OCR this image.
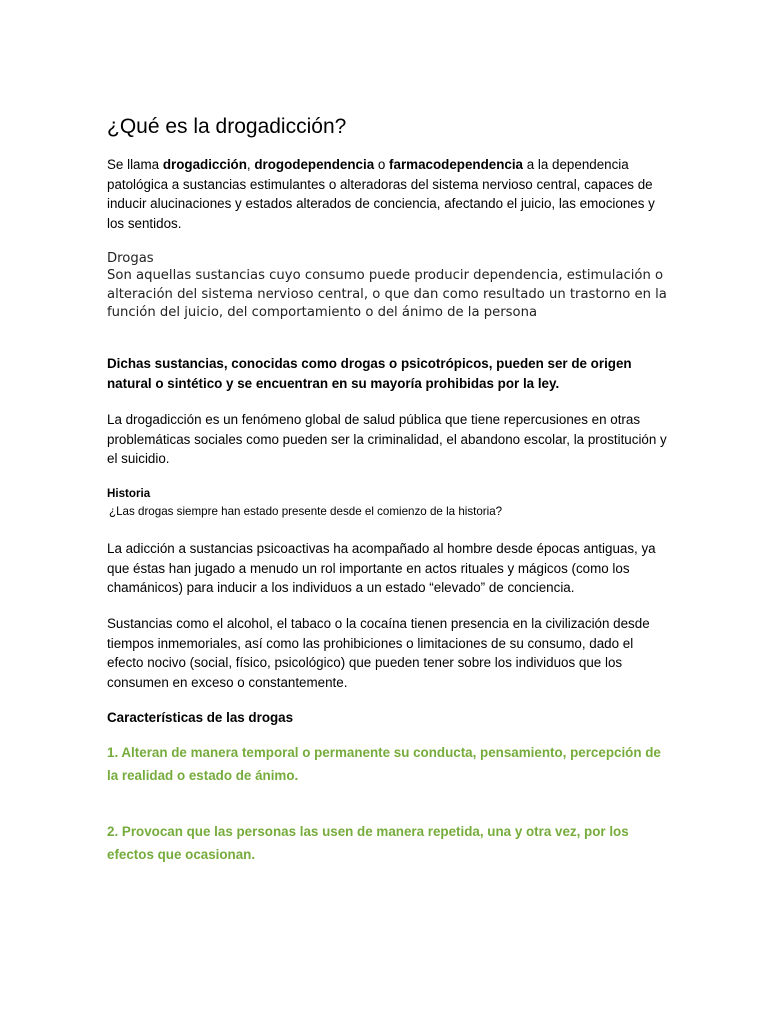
¿Qué es la drogadicción?

Se llama drogadicción, drogodependencia o farmacodependencia a la dependencia patológica a sustancias estimulantes o alteradoras del sistema nervioso central, capaces de inducir alucinaciones y estados alterados de conciencia, afectando el juicio, las emociones y los sentidos.

Drogas

Son aquellas sustancias cuyo consumo puede producir dependencia, estimulación o alteración del sistema nervioso central, o que dan como resultado un trastorno en la función del juicio, del comportamiento o del ánimo de la persona

Dichas sustancias, conocidas como drogas o psicotrópicos, pueden ser de origen natural o sintético y se encuentran en su mayoría prohibidas por la ley.

La drogadicción es un fenómeno global de salud pública que tiene repercusiones en otras problemáticas sociales como pueden ser la criminalidad, el abandono escolar, la prostitución y el suicidio.

Historia

¿Las drogas siempre han estado presente desde el comienzo de la historia?

La adicción a sustancias psicoactivas ha acompañado al hombre desde épocas antiguas, ya que éstas han jugado a menudo un rol importante en actos rituales y mágicos (como los chamánicos) para inducir a los individuos a un estado “elevado” de conciencia.

Sustancias como el alcohol, el tabaco o la cocaína tienen presencia en la civilización desde tiempos inmemoriales, así como las prohibiciones o limitaciones de su consumo, dado el efecto nocivo (social, físico, psicológico) que pueden tener sobre los individuos que los consumen en exceso o constantemente.

Características de las drogas

1. Alteran de manera temporal o permanente su conducta, pensamiento, percepción de la realidad o estado de ánimo.

2. Provocan que las personas las usen de manera repetida, una y otra vez, por los efectos que ocasionan.
